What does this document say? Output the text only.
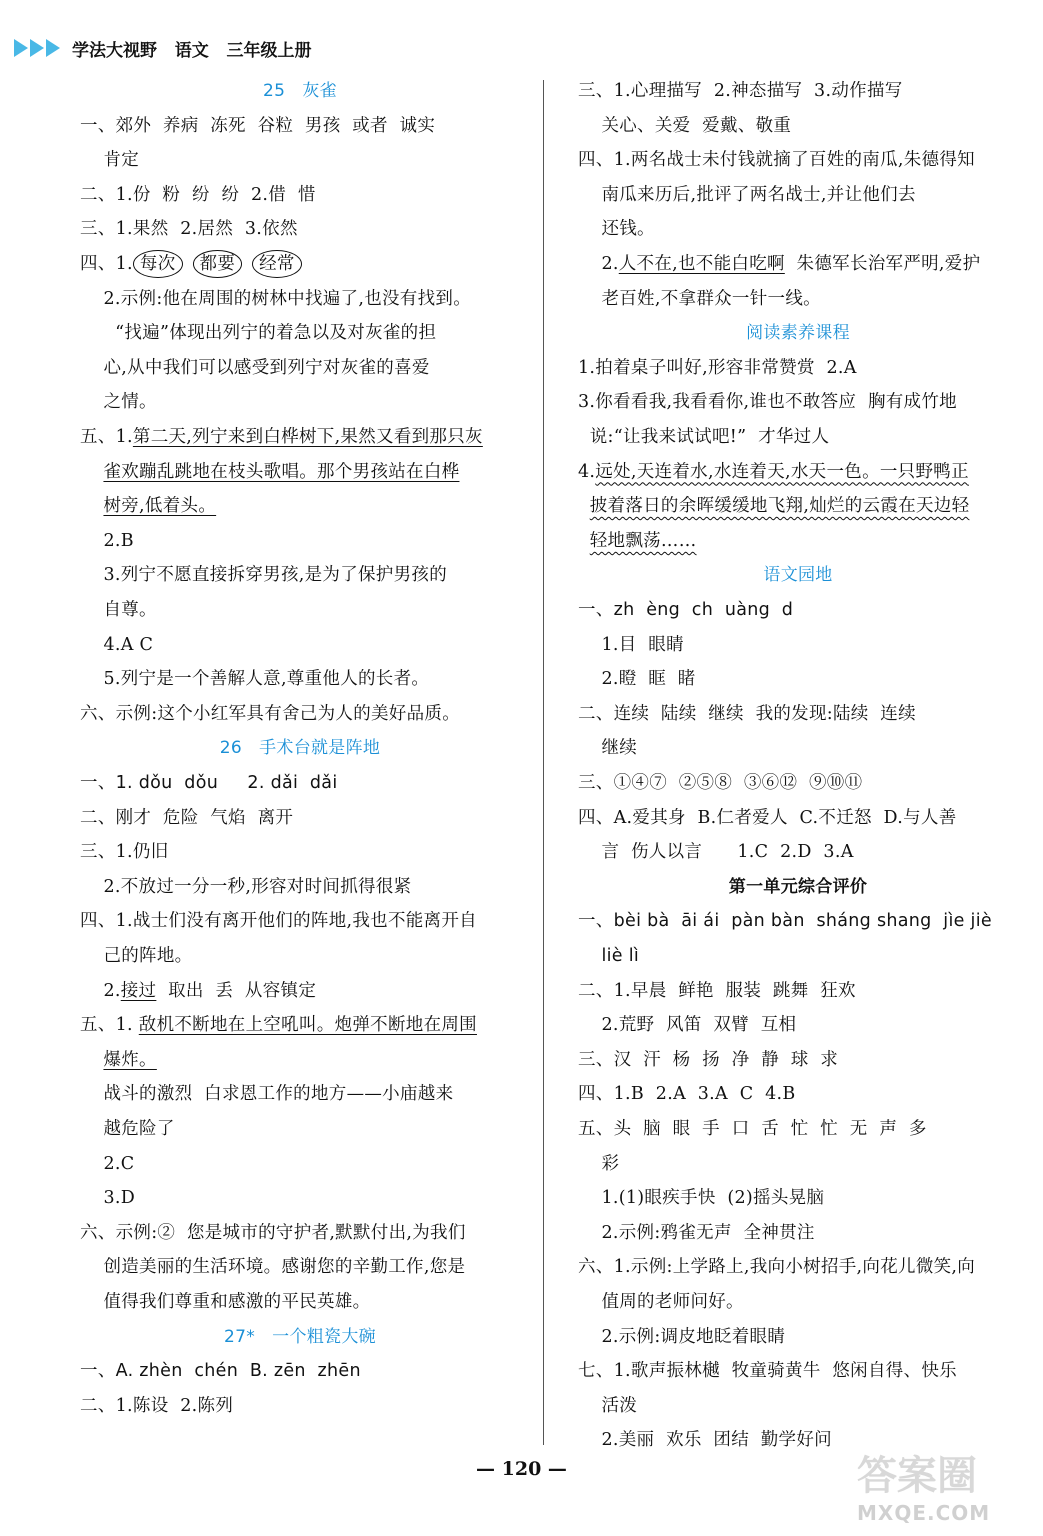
学法大视野   语文   三年级上册
25   灰雀
一、郊外  养病  冻死  谷粒  男孩  或者  诚实
肯定
二、1.份  粉  纷  纷  2.借  惜
三、1.果然  2.居然  3.依然
四、1. 每次 都要 经常
2.示例:他在周围的树林中找遍了,也没有找到。
“找遍”体现出列宁的着急以及对灰雀的担
心,从中我们可以感受到列宁对灰雀的喜爱
之情。
五、1.第二天,列宁来到白桦树下,果然又看到那只灰
雀欢蹦乱跳地在枝头歌唱。那个男孩站在白桦
树旁,低着头。
2.B
3.列宁不愿直接拆穿男孩,是为了保护男孩的
自尊。
4.A C
5.列宁是一个善解人意,尊重他人的长者。
六、示例:这个小红军具有舍己为人的美好品质。
26   手术台就是阵地
一、1. dǒu  dǒu     2. dǎi  dǎi
二、刚才  危险  气焰  离开
三、1.仍旧
2.不放过一分一秒,形容对时间抓得很紧
四、1.战士们没有离开他们的阵地,我也不能离开自
己的阵地。
2.接过  取出  丢  从容镇定
五、1. 敌机不断地在上空吼叫。炮弹不断地在周围
爆炸。
战斗的激烈  白求恩工作的地方——小庙越来
越危险了
2.C
3.D
六、示例:②  您是城市的守护者,默默付出,为我们
创造美丽的生活环境。感谢您的辛勤工作,您是
值得我们尊重和感激的平民英雄。
27*   一个粗瓷大碗
一、A. zhèn  chén  B. zēn  zhēn
二、1.陈设  2.陈列
三、1.心理描写  2.神态描写  3.动作描写
关心、关爱  爱戴、敬重
四、1.两名战士未付钱就摘了百姓的南瓜,朱德得知
南瓜来历后,批评了两名战士,并让他们去
还钱。
2.人不在,也不能白吃啊  朱德军长治军严明,爱护
老百姓,不拿群众一针一线。
阅读素养课程
1.拍着桌子叫好,形容非常赞赏  2.A
3.你看看我,我看看你,谁也不敢答应  胸有成竹地
说:“让我来试试吧!”  才华过人
4.远处,天连着水,水连着天,水天一色。一只野鸭正
披着落日的余晖缓缓地飞翔,灿烂的云霞在天边轻
轻地飘荡……
语文园地
一、zh  èng  ch  uàng  d
1.目  眼睛
2.瞪  眶  睹
二、连续  陆续  继续  我的发现:陆续  连续
继续
三、①④⑦  ②⑤⑧  ③⑥⑫  ⑨⑩⑪
四、A.爱其身  B.仁者爱人  C.不迁怒  D.与人善
言  伤人以言      1.C  2.D  3.A
第一单元综合评价
一、bèi bà  āi ái  pàn bàn  sháng shang  jìe jiè
liè lì
二、1.早晨  鲜艳  服装  跳舞  狂欢
2.荒野  风笛  双臂  互相
三、汉  汗  杨  扬  净  静  球  求
四、1.B  2.A  3.A  C  4.B
五、头  脑  眼  手  口  舌  忙  忙  无  声  多
彩
1.(1)眼疾手快  (2)摇头晃脑
2.示例:鸦雀无声  全神贯注
六、1.示例:上学路上,我向小树招手,向花儿微笑,向
值周的老师问好。
2.示例:调皮地眨着眼睛
七、1.歌声振林樾  牧童骑黄牛  悠闲自得、快乐
活泼
2.美丽  欢乐  团结  勤学好问
— 120 —	答案圈
MXQE.COM
